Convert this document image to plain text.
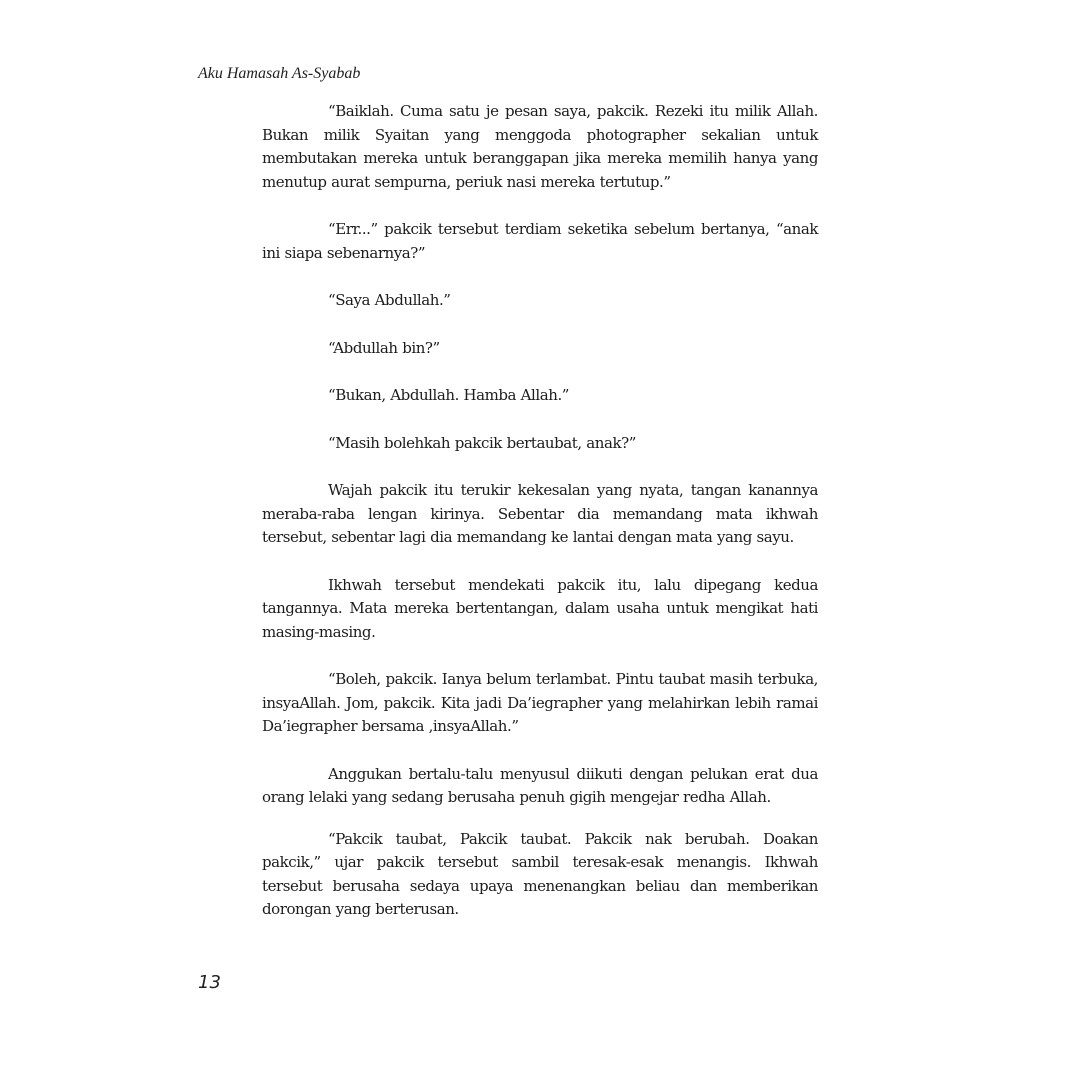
Aku Hamasah As-Syabab

“Baiklah. Cuma satu je pesan saya, pakcik. Rezeki itu milik Allah. Bukan milik Syaitan yang menggoda photographer sekalian untuk membutakan mereka untuk beranggapan jika mereka memilih hanya yang menutup aurat sempurna, periuk nasi mereka tertutup.”

“Err...” pakcik tersebut terdiam seketika sebelum bertanya, “anak ini siapa sebenarnya?”

“Saya Abdullah.”

“Abdullah bin?”

“Bukan, Abdullah. Hamba Allah.”

“Masih bolehkah pakcik bertaubat, anak?”

Wajah pakcik itu terukir kekesalan yang nyata, tangan kanannya meraba-raba lengan kirinya. Sebentar dia memandang mata ikhwah tersebut, sebentar lagi dia memandang ke lantai dengan mata yang sayu.

Ikhwah tersebut mendekati pakcik itu, lalu dipegang kedua tangannya. Mata mereka bertentangan, dalam usaha untuk mengikat hati masing-masing.

“Boleh, pakcik. Ianya belum terlambat. Pintu taubat masih terbuka, insyaAllah. Jom, pakcik. Kita jadi Da’iegrapher yang melahirkan lebih ramai Da’iegrapher bersama ,insyaAllah.”

Anggukan bertalu-talu menyusul diikuti dengan pelukan erat dua orang lelaki yang sedang berusaha penuh gigih mengejar redha Allah.

“Pakcik taubat, Pakcik taubat. Pakcik nak berubah. Doakan pakcik,” ujar pakcik tersebut sambil teresak-esak menangis. Ikhwah tersebut berusaha sedaya upaya menenangkan beliau dan memberikan dorongan yang berterusan.

13
